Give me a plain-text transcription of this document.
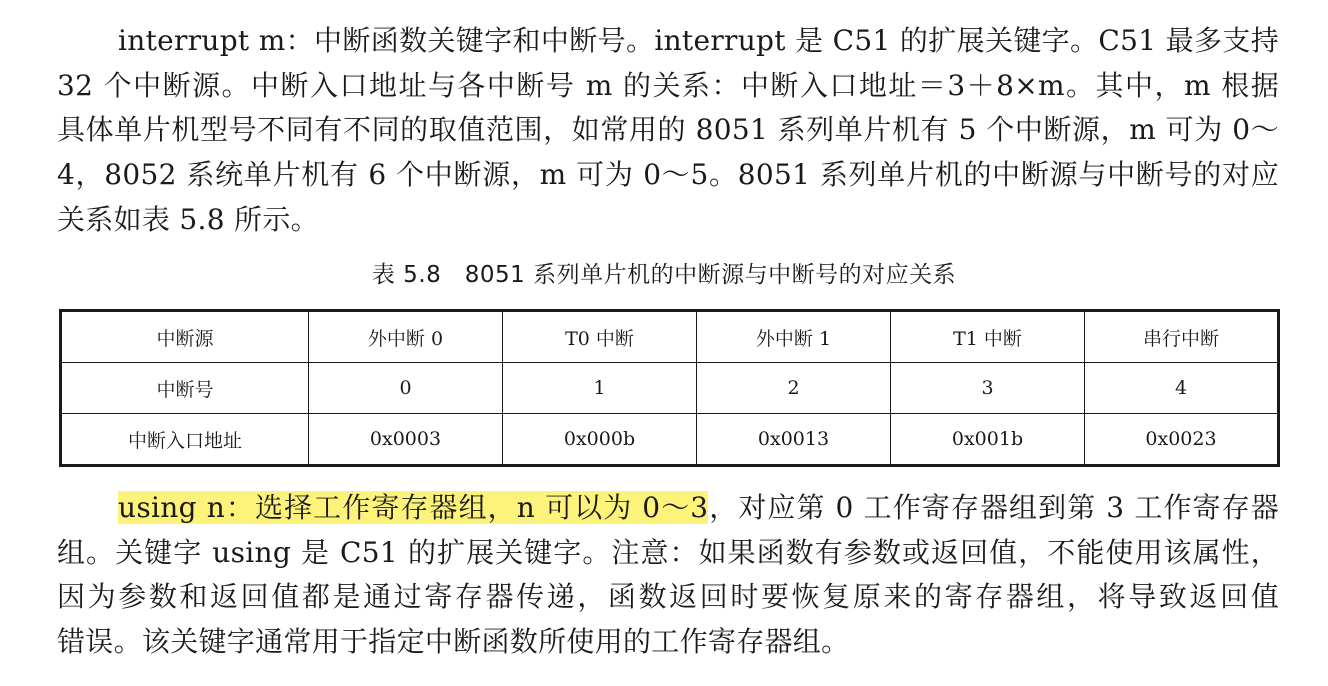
interrupt m：中断函数关键字和中断号。interrupt 是 C51 的扩展关键字。C51 最多支持
32 个中断源。中断入口地址与各中断号 m 的关系：中断入口地址＝3＋8×m。其中，m 根据
具体单片机型号不同有不同的取值范围，如常用的 8051 系列单片机有 5 个中断源，m 可为 0～
4，8052 系统单片机有 6 个中断源，m 可为 0～5。8051 系列单片机的中断源与中断号的对应
关系如表 5.8 所示。

表 5.8　8051 系列单片机的中断源与中断号的对应关系
中断源	外中断 0	T0 中断	外中断 1	T1 中断	串行中断
中断号	0	1	2	3	4
中断入口地址	0x0003	0x000b	0x0013	0x001b	0x0023

using n：选择工作寄存器组，n 可以为 0～3，对应第 0 工作寄存器组到第 3 工作寄存器
组。关键字 using 是 C51 的扩展关键字。注意：如果函数有参数或返回值，不能使用该属性，
因为参数和返回值都是通过寄存器传递，函数返回时要恢复原来的寄存器组，将导致返回值
错误。该关键字通常用于指定中断函数所使用的工作寄存器组。
